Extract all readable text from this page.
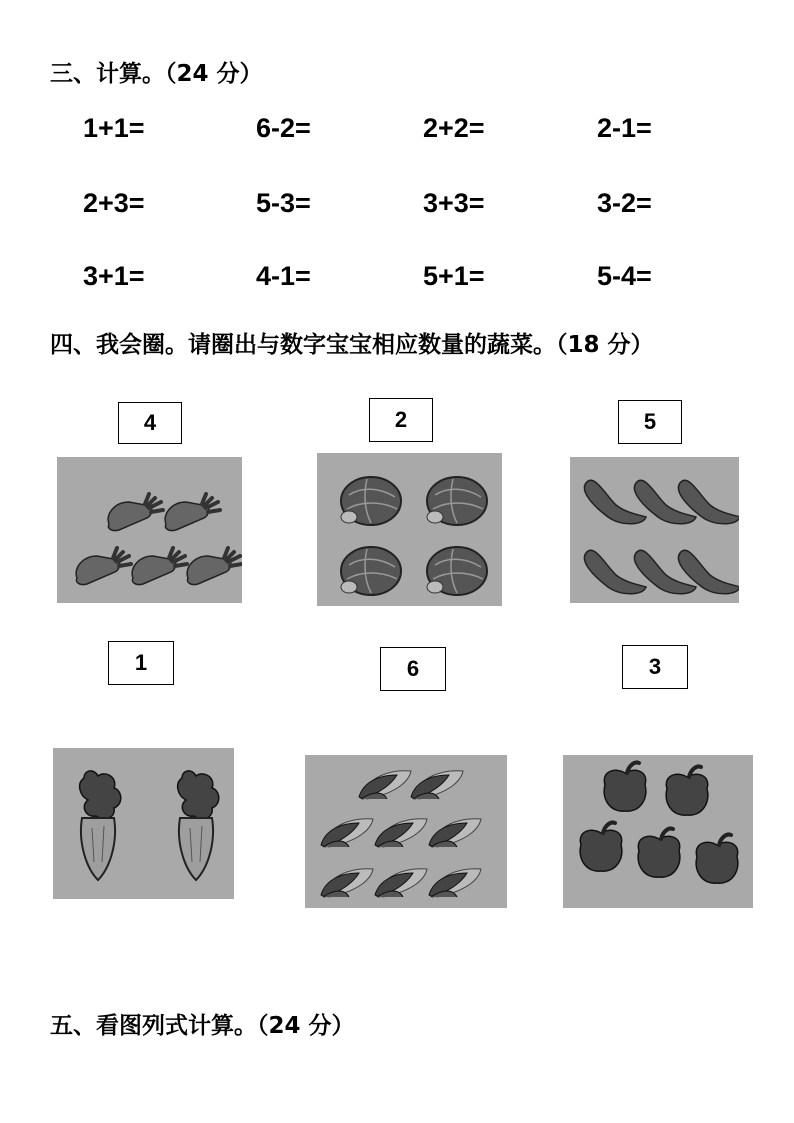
三、计算。（24 分）
1+1=	6-2=	2+2=	2-1=
2+3=	5-3=	3+3=	3-2=
3+1=	4-1=	5+1=	5-4=
四、我会圈。请圈出与数字宝宝相应数量的蔬菜。（18 分）
4	2	5
1	6	3
五、看图列式计算。（24 分）
